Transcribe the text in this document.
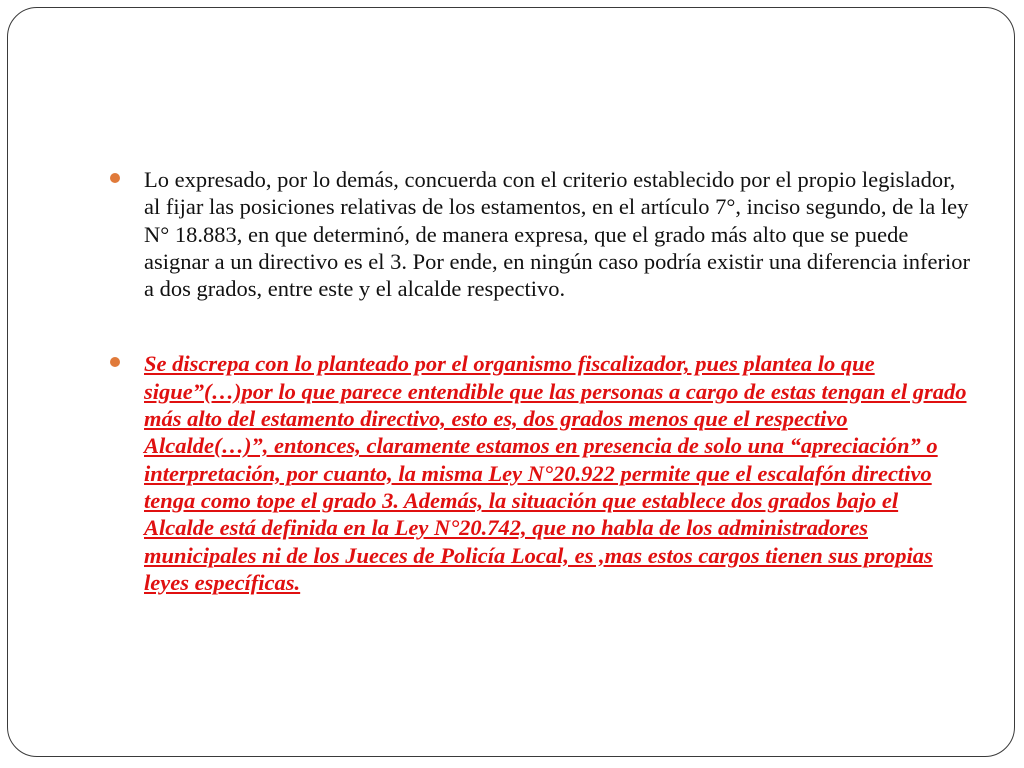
Lo expresado, por lo demás, concuerda con el criterio establecido por el propio legislador, al fijar las posiciones relativas de los estamentos, en el artículo 7°, inciso segundo, de la ley N° 18.883, en que determinó, de manera expresa, que el grado más alto que se puede asignar a un directivo es el 3. Por ende, en ningún caso podría existir una diferencia inferior a dos grados, entre este y el alcalde respectivo.

Se discrepa con lo planteado por el organismo fiscalizador, pues plantea lo que sigue”(…)por lo que parece entendible que las personas a cargo de estas tengan el grado más alto del estamento directivo, esto es, dos grados menos que el respectivo Alcalde(…)”, entonces, claramente estamos en presencia de solo una “apreciación” o interpretación, por cuanto, la misma Ley N°20.922 permite que el escalafón directivo tenga como tope el grado 3. Además, la situación que establece dos grados bajo el Alcalde está definida en la Ley N°20.742, que no habla de los administradores municipales ni de los Jueces de Policía Local, es ,mas estos cargos tienen sus propias leyes específicas.
